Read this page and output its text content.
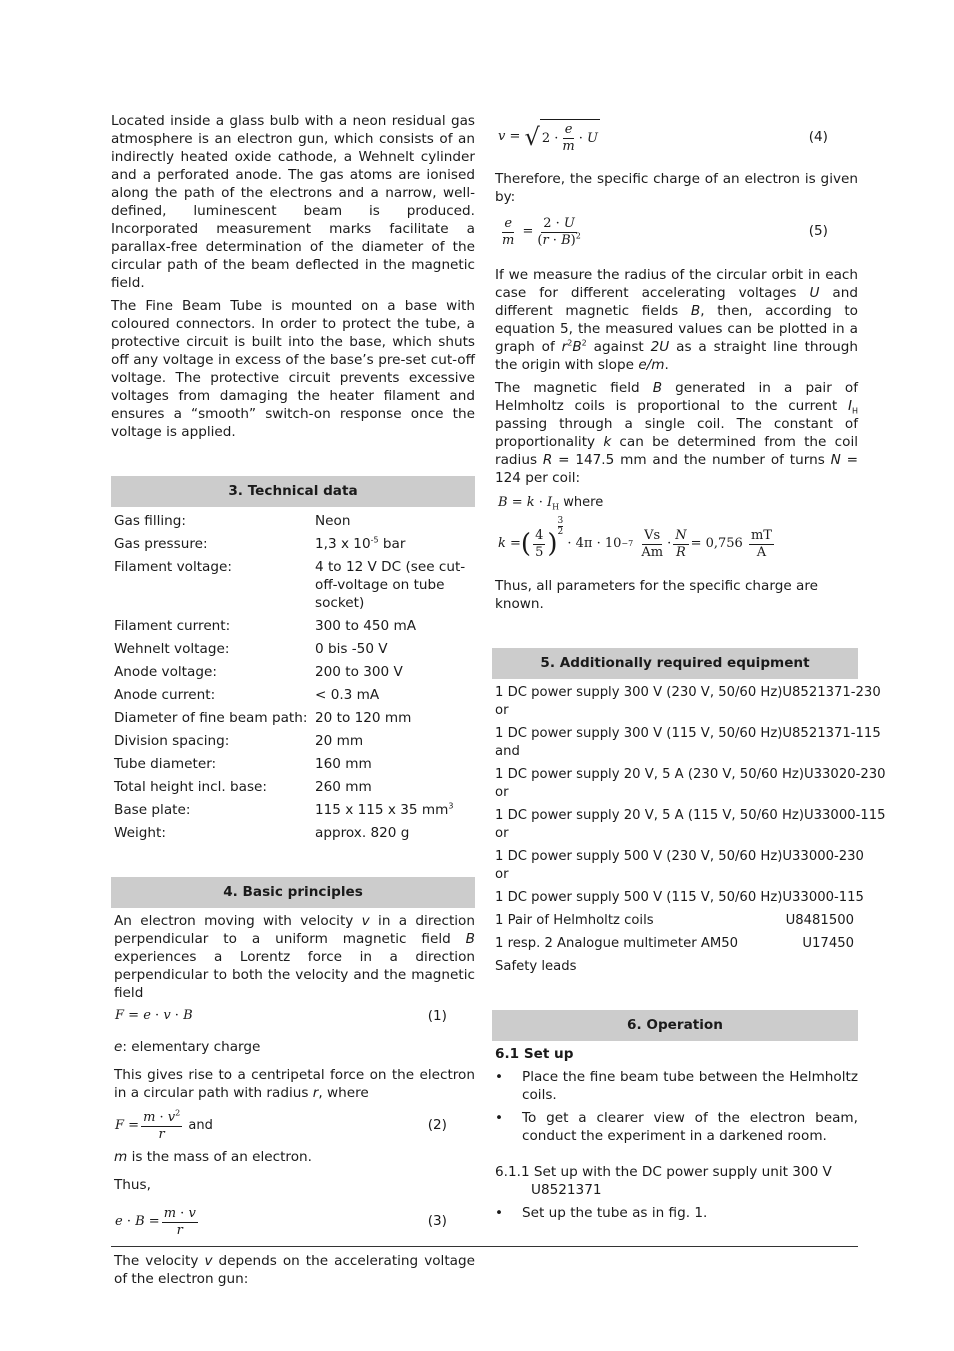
Located inside a glass bulb with a neon residual gas atmosphere is an electron gun, which consists of an indirectly heated oxide cathode, a Wehnelt cylinder and a perforated anode. The gas atoms are ionised along the path of the electrons and a narrow, well-defined, luminescent beam is produced. Incorporated measurement marks facilitate a parallax-free determination of the diameter of the circular path of the beam deflected in the magnetic field.

The Fine Beam Tube is mounted on a base with coloured connectors. In order to protect the tube, a protective circuit is built into the base, which shuts off any voltage in excess of the base’s pre-set cut-off voltage. The protective circuit prevents excessive voltages from damaging the heater filament and ensures a “smooth” switch-on response once the voltage is applied.

3. Technical data
Gas filling:	Neon
Gas pressure:	1,3 x $10^{-5}$ bar
Filament voltage:	4 to 12 V DC (see cut-off-voltage on tube socket)
Filament current:	300 to 450 mA
Wehnelt voltage:	0 bis -50 V
Anode voltage:	200 to 300 V
Anode current:	< 0.3 mA
Diameter of fine beam path: 20 to 120 mm
Division spacing:	20 mm
Tube diameter:	160 mm
Total height incl. base:	260 mm
Base plate:	115 x 115 x 35 $mm^3$
Weight:	approx. 820 g
4. Basic principles

An electron moving with velocity v in a direction perpendicular to a uniform magnetic field B experiences a Lorentz force in a direction perpendicular to both the velocity and the magnetic field

F = e · v · B	(1)

e: elementary charge

This gives rise to a centripetal force on the electron in a circular path with radius r, where

$F = \frac{m \cdot v^2}{r}$
and	(2)

m is the mass of an electron.

Thus,

$e \cdot B = \frac{m \cdot v}{r}$	(3)

The velocity v depends on the accelerating voltage of the electron gun:

v = √ $2 \cdot \frac{e}{m} \cdot U$	(4)

Therefore, the specific charge of an electron is given by:

$\frac{e}{m} = \frac{2 \cdot U}{(r \cdot B)^2}$	(5)

If we measure the radius of the circular orbit in each case for different accelerating voltages U and different magnetic fields B, then, according to equation 5, the measured values can be plotted in a graph of $r^2B^2$ against 2U as a straight line through the origin with slope e/m.

The magnetic field B generated in a pair of Helmholtz coils is proportional to the current $I_H$ passing through a single coil. The constant of proportionality k can be determined from the coil radius R = 147.5 mm and the number of turns N = 124 per coil:

$B = k \cdot I_H$ where
k = ( $\frac{4}{5}$ )
3
2
· 4π · 10 −7
$\frac{Vs}{Am} \cdot \frac{N}{R} = 0,756$
$\frac{mT}{A}$

Thus, all parameters for the specific charge are known.

5. Additionally required equipment
1 DC power supply 300 V (230 V, 50/60 Hz) U8521371-230
or
1 DC power supply 300 V (115 V, 50/60 Hz) U8521371-115
and
1 DC power supply 20 V, 5 A (230 V, 50/60 Hz) U33020-230
or
1 DC power supply 20 V, 5 A (115 V, 50/60 Hz) U33000-115
or
1 DC power supply 500 V (230 V, 50/60 Hz) U33000-230
or
1 DC power supply 500 V (115 V, 50/60 Hz) U33000-115
1 Pair of Helmholtz coils	U8481500
1 resp. 2 Analogue multimeter AM50	U17450
Safety leads
6. Operation

6.1 Set up

•	Place the fine beam tube between the Helmholtz coils.
•	To get a clearer view of the electron beam, conduct the experiment in a darkened room.

6.1.1 Set up with the DC power supply unit 300 V
U8521371

•	Set up the tube as in fig. 1.
